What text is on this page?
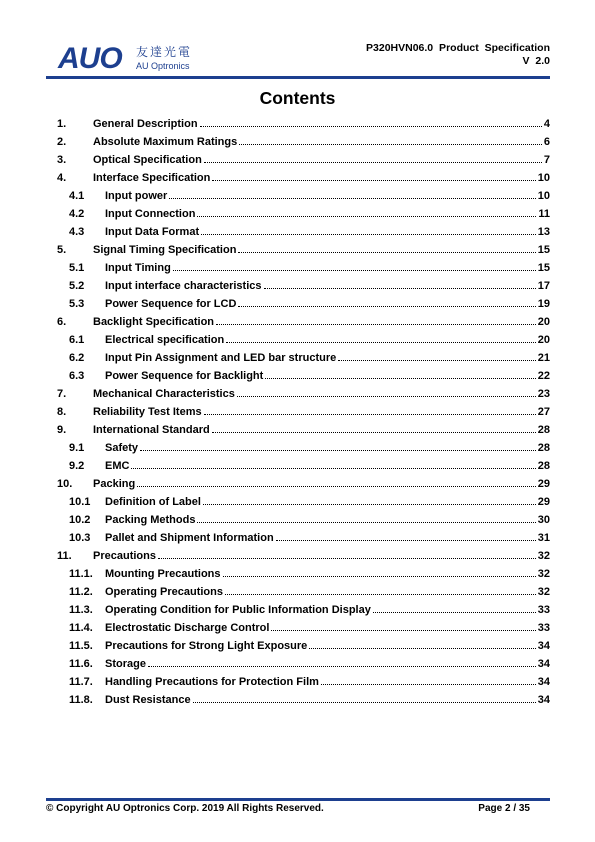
AUO 友達光電
AU Optronics
P320HVN06.0 Product Specification
V 2.0
Contents
1.	General Description	4
2.	Absolute Maximum Ratings	6
3.	Optical Specification	7
4.	Interface Specification	10
4.1	Input power	10
4.2	Input Connection	11
4.3	Input Data Format	13
5.	Signal Timing Specification	15
5.1	Input Timing	15
5.2	Input interface characteristics	17
5.3	Power Sequence for LCD	19
6.	Backlight Specification	20
6.1	Electrical specification	20
6.2	Input Pin Assignment and LED bar structure	21
6.3	Power Sequence for Backlight	22
7.	Mechanical Characteristics	23
8.	Reliability Test Items	27
9.	International Standard	28
9.1	Safety	28
9.2	EMC	28
10.	Packing	29
10.1	Definition of Label	29
10.2	Packing Methods	30
10.3	Pallet and Shipment Information	31
11.	Precautions	32
11.1.	Mounting Precautions	32
11.2.	Operating Precautions	32
11.3.	Operating Condition for Public Information Display	33
11.4.	Electrostatic Discharge Control	33
11.5.	Precautions for Strong Light Exposure	34
11.6.	Storage	34
11.7.	Handling Precautions for Protection Film	34
11.8.	Dust Resistance	34
© Copyright AU Optronics Corp. 2019 All Rights Reserved.	Page 2 / 35
